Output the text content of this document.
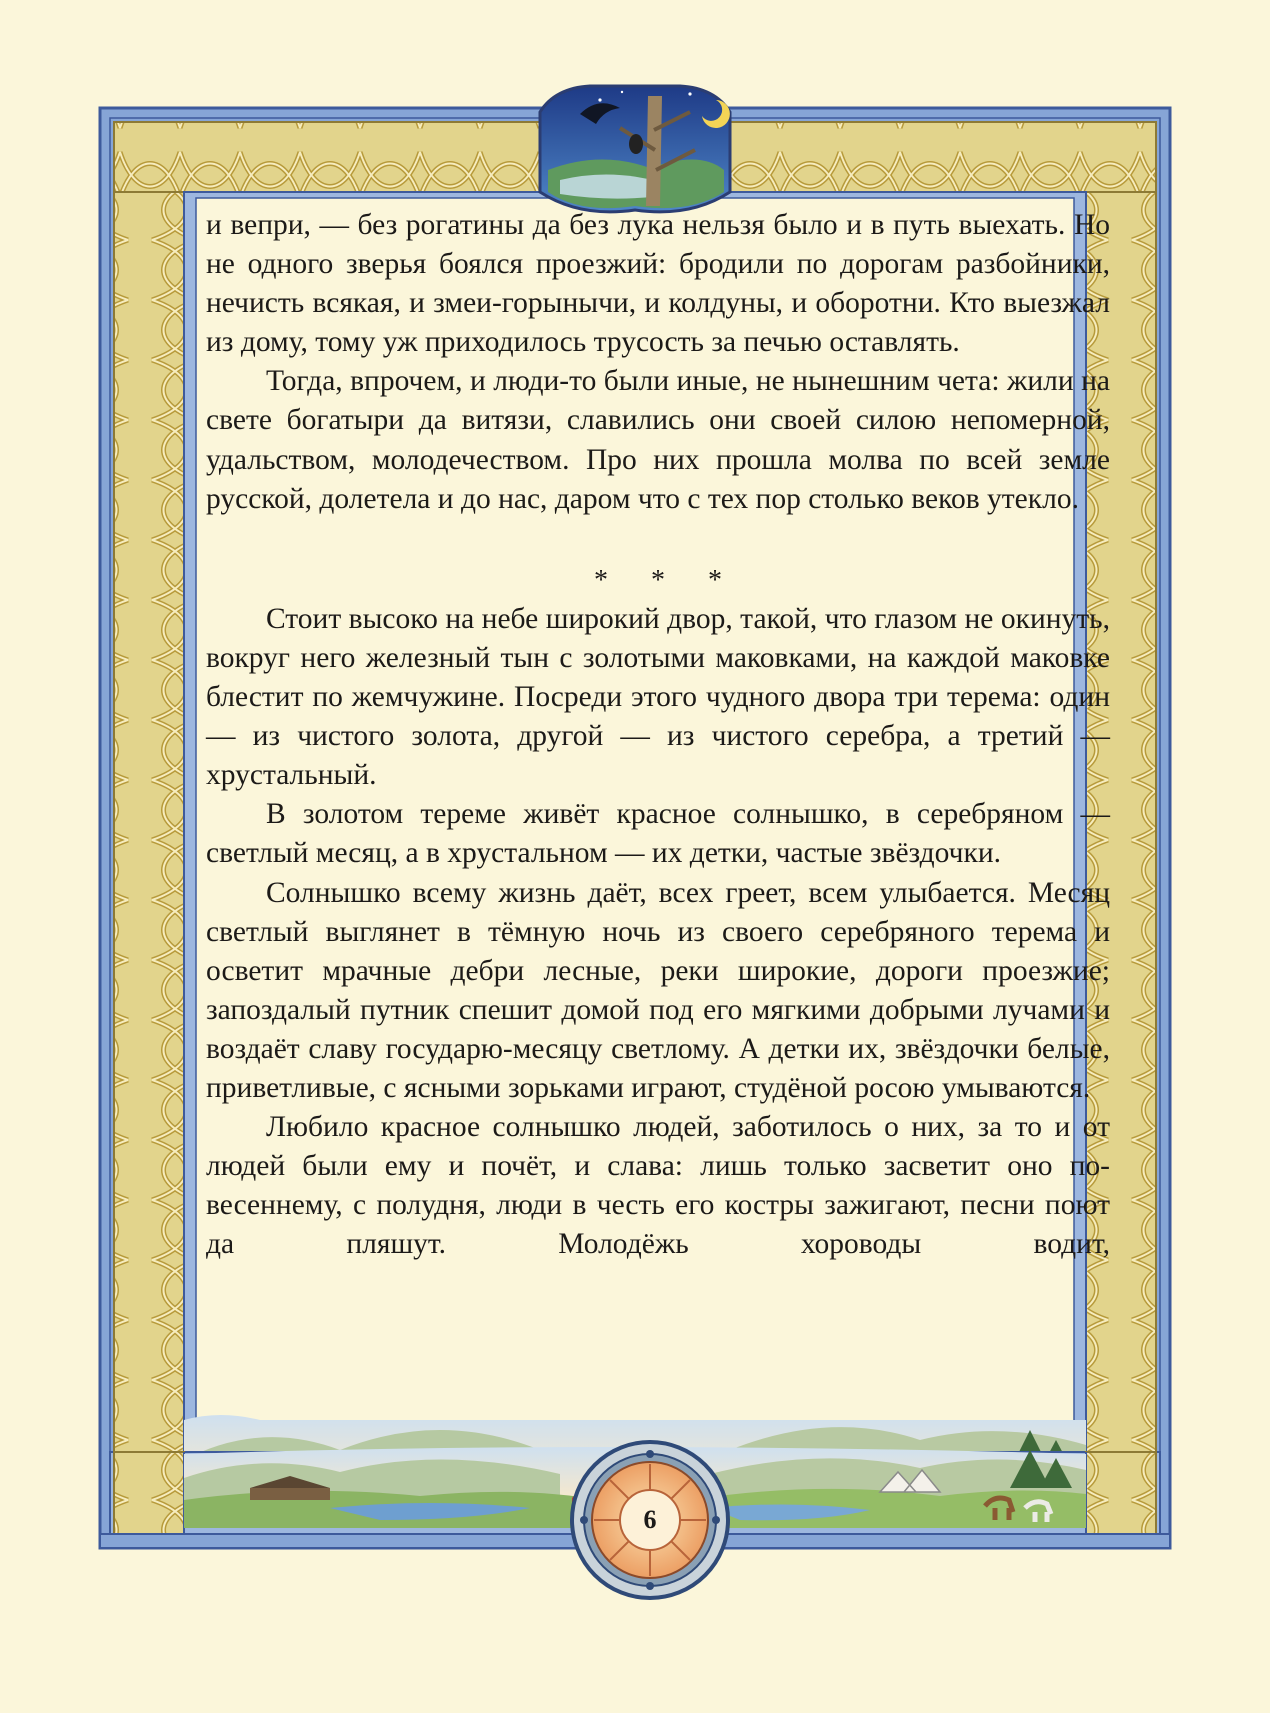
и вепри, — без рогатины да без лука нельзя было и в путь выехать. Но не одного зверья боялся проезжий: бродили по дорогам разбойники, нечисть всякая, и змеи-горынычи, и колдуны, и оборотни. Кто выезжал из дому, тому уж приходилось трусость за печью оставлять.

Тогда, впрочем, и люди-то были иные, не нынешним чета: жили на свете богатыри да витязи, славились они своей силою непомерной, удальством, молодечеством. Про них прошла молва по всей земле русской, долетела и до нас, даром что с тех пор столько веков утекло.

* * *

Стоит высоко на небе широкий двор, такой, что глазом не окинуть, вокруг него железный тын с золотыми маковками, на каждой маковке блестит по жемчужине. Посреди этого чудного двора три терема: один — из чистого золота, другой — из чистого серебра, а третий — хрустальный.

В золотом тереме живёт красное солнышко, в серебряном — светлый месяц, а в хрустальном — их детки, частые звёздочки.

Солнышко всему жизнь даёт, всех греет, всем улыбается. Месяц светлый выглянет в тёмную ночь из своего серебряного терема и осветит мрачные дебри лесные, реки широкие, дороги проезжие; запоздалый путник спешит домой под его мягкими добрыми лучами и воздаёт славу государю-месяцу светлому. А детки их, звёздочки белые, приветливые, с ясными зорьками играют, студёной росою умываются.

Любило красное солнышко людей, заботилось о них, за то и от людей были ему и почёт, и слава: лишь только засветит оно по-весеннему, с полудня, люди в честь его костры зажигают, песни поют да пляшут. Молодёжь хороводы водит,

6
